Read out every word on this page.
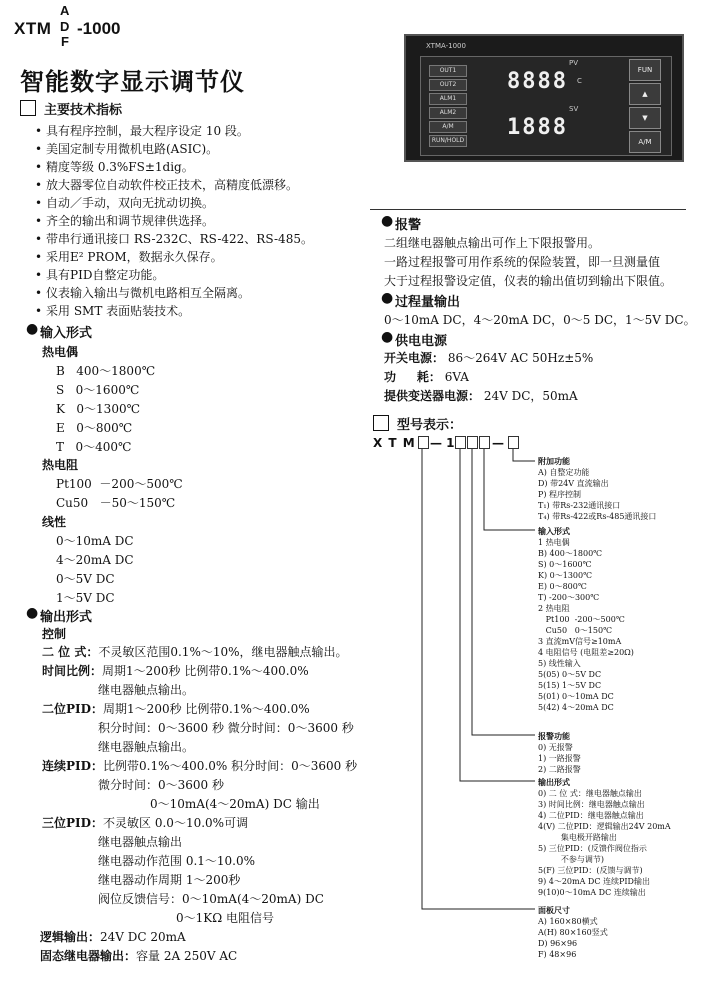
XTM
A
D
F
-1000
智能数字显示调节仪
XTMA-1000
OUT1
OUT2
ALM1
ALM2
A/M
RUN/HOLD
PV
8888 C
SV
1888
FUN
▲
▼
A/M
主要技术指标
• 具有程序控制，最大程序设定 10 段。
• 美国定制专用微机电路(ASIC)。
• 精度等级 0.3%FS±1dig。
• 放大器零位自动软件校正技术，高精度低漂移。
• 自动／手动，双向无扰动切换。
• 齐全的输出和调节规律供选择。
• 带串行通讯接口 RS-232C、RS-422、RS-485。
• 采用E² PROM，数据永久保存。
• 具有PID自整定功能。
• 仪表输入输出与微机电路相互全隔离。
• 采用 SMT 表面贴装技术。
● 输入形式
热电偶
B   400～1800℃
S   0～1600℃
K   0～1300℃
E   0～800℃
T   0～400℃
热电阻
Pt100  －200～500℃
Cu50   －50～150℃
线性
0～10mA DC
4～20mA DC
0～5V DC
1～5V DC
● 输出形式
控制
二 位 式：不灵敏区范围0.1%～10%，继电器触点输出。
时间比例：周期1～200秒 比例带0.1%～400.0%
继电器触点输出。
二位PID：周期1～200秒 比例带0.1%～400.0%
积分时间：0～3600 秒 微分时间：0～3600 秒
继电器触点输出。
连续PID：比例带0.1%～400.0% 积分时间：0～3600 秒
微分时间：0～3600 秒
0～10mA(4～20mA) DC 输出
三位PID：不灵敏区 0.0～10.0%可调
继电器触点输出
继电器动作范围 0.1～10.0%
继电器动作周期 1～200秒
阀位反馈信号：0～10mA(4～20mA) DC
0～1KΩ 电阻信号
逻辑输出：24V DC 20mA
固态继电器输出：容量 2A 250V AC
● 报警
二组继电器触点输出可作上下限报警用。
一路过程报警可用作系统的保险装置，即一旦测量值
大于过程报警设定值，仪表的输出值切到输出下限值。
● 过程量输出
0～10mA DC，4～20mA DC，0～5 DC，1～5V DC。
● 供电电源
开关电源： 86～264V AC 50Hz±5%
功     耗： 6VA
提供变送器电源： 24V DC，50mA
型号表示：
X T M — 1	—
附加功能
A) 自整定功能
D) 带24V 直流输出
P) 程序控制
T₁) 带Rs-232通讯接口
T₄) 带Rs-422或Rs-485通讯接口
输入形式
1 热电偶
B) 400～1800℃
S) 0～1600℃
K) 0～1300℃
E) 0～800℃
T) -200～300℃
2 热电阻
Pt100  -200～500℃
Cu50   0～150℃
3 直流mV信号≥10mA
4 电阻信号 (电阻差≥20Ω)
5) 线性输入
5(05) 0～5V DC
5(15) 1～5V DC
5(01) 0～10mA DC
5(42) 4～20mA DC
报警功能
0) 无报警
1) 一路报警
2) 二路报警
输出形式
0) 二 位 式：继电器触点输出
3) 时间比例：继电器触点输出
4) 二位PID：继电器触点输出
4(V) 二位PID：逻辑输出24V 20mA
集电极开路输出
5) 三位PID：(反馈作阀位指示
不参与调节)
5(F) 三位PID：(反馈与调节)
9) 4～20mA DC 连续PID输出
9(10)0～10mA DC 连续输出
面板尺寸
A) 160×80横式
A(H) 80×160竖式
D) 96×96
F) 48×96
